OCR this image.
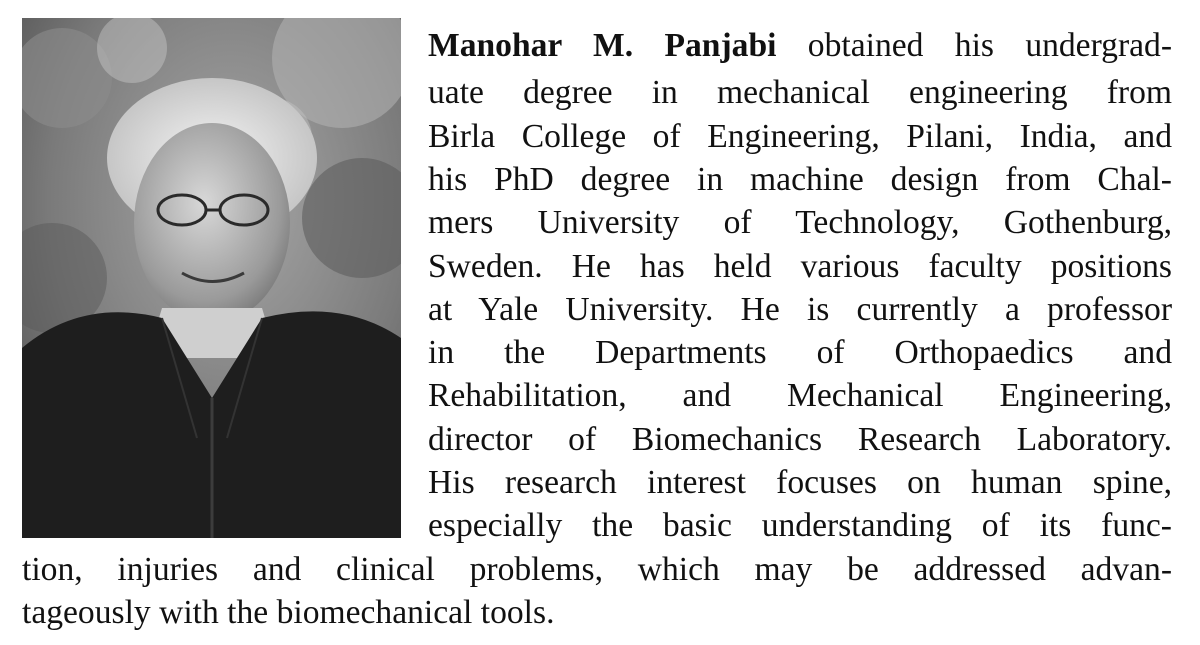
Manohar M. Panjabi obtained his undergrad-
uate degree in mechanical engineering from
Birla College of Engineering, Pilani, India, and
his PhD degree in machine design from Chal-
mers University of Technology, Gothenburg,
Sweden. He has held various faculty positions
at Yale University. He is currently a professor
in the Departments of Orthopaedics and
Rehabilitation, and Mechanical Engineering,
director of Biomechanics Research Laboratory.
His research interest focuses on human spine,
especially the basic understanding of its func-
tion, injuries and clinical problems, which may be addressed advan-
tageously with the biomechanical tools.
